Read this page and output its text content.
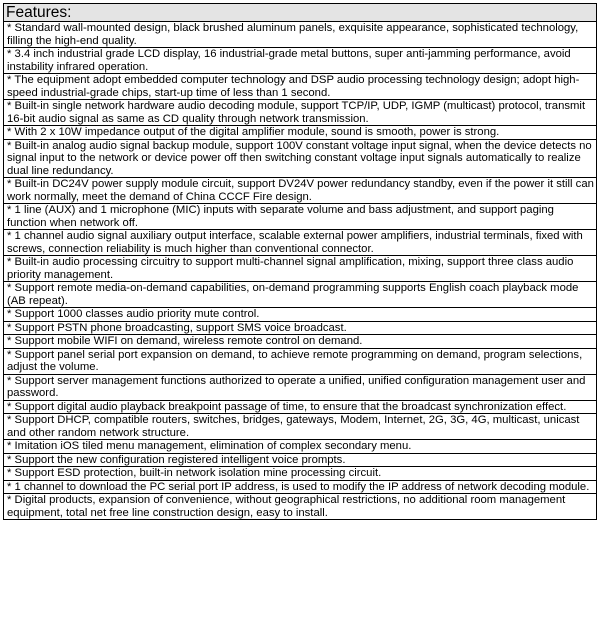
Features:
* Standard wall-mounted design, black brushed aluminum panels, exquisite appearance, sophisticated technology, filling the high-end quality.
* 3.4 inch industrial grade LCD display, 16 industrial-grade metal buttons, super anti-jamming performance, avoid instability infrared operation.
* The equipment adopt embedded computer technology and DSP audio processing technology design; adopt high-speed industrial-grade chips, start-up time of less than 1 second.
* Built-in single network hardware audio decoding module, support TCP/IP, UDP, IGMP (multicast) protocol, transmit 16-bit audio signal as same as CD quality through network transmission.
* With 2 x 10W impedance output of the digital amplifier module, sound is smooth, power is strong.
* Built-in analog audio signal backup module, support 100V constant voltage input signal, when the device detects no signal input to the network or device power off then switching constant voltage input signals automatically to realize dual line redundancy.
* Built-in DC24V power supply module circuit, support DV24V power redundancy standby, even if the power it still can work normally, meet the demand of China CCCF Fire design.
* 1 line (AUX) and 1 microphone (MIC) inputs with separate volume and bass adjustment, and support paging function when network off.
* 1 channel audio signal auxiliary output interface, scalable external power amplifiers, industrial terminals, fixed with screws, connection reliability is much higher than conventional connector.
* Built-in audio processing circuitry to support multi-channel signal amplification, mixing, support three class audio priority management.
* Support remote media-on-demand capabilities, on-demand programming supports English coach playback mode (AB repeat).
* Support 1000 classes audio priority mute control.
* Support PSTN phone broadcasting, support SMS voice broadcast.
* Support mobile WIFI on demand, wireless remote control on demand.
* Support panel serial port expansion on demand, to achieve remote programming on demand, program selections, adjust the volume.
* Support server management functions authorized to operate a unified, unified configuration management user and password.
* Support digital audio playback breakpoint passage of time, to ensure that the broadcast synchronization effect.
* Support DHCP, compatible routers, switches, bridges, gateways, Modem, Internet, 2G, 3G, 4G, multicast, unicast and other random network structure.
* Imitation iOS tiled menu management, elimination of complex secondary menu.
* Support the new configuration registered intelligent voice prompts.
* Support ESD protection, built-in network isolation mine processing circuit.
* 1 channel to download the PC serial port IP address, is used to modify the IP address of network decoding module.
* Digital products, expansion of convenience, without geographical restrictions, no additional room management equipment, total net free line construction design, easy to install.
